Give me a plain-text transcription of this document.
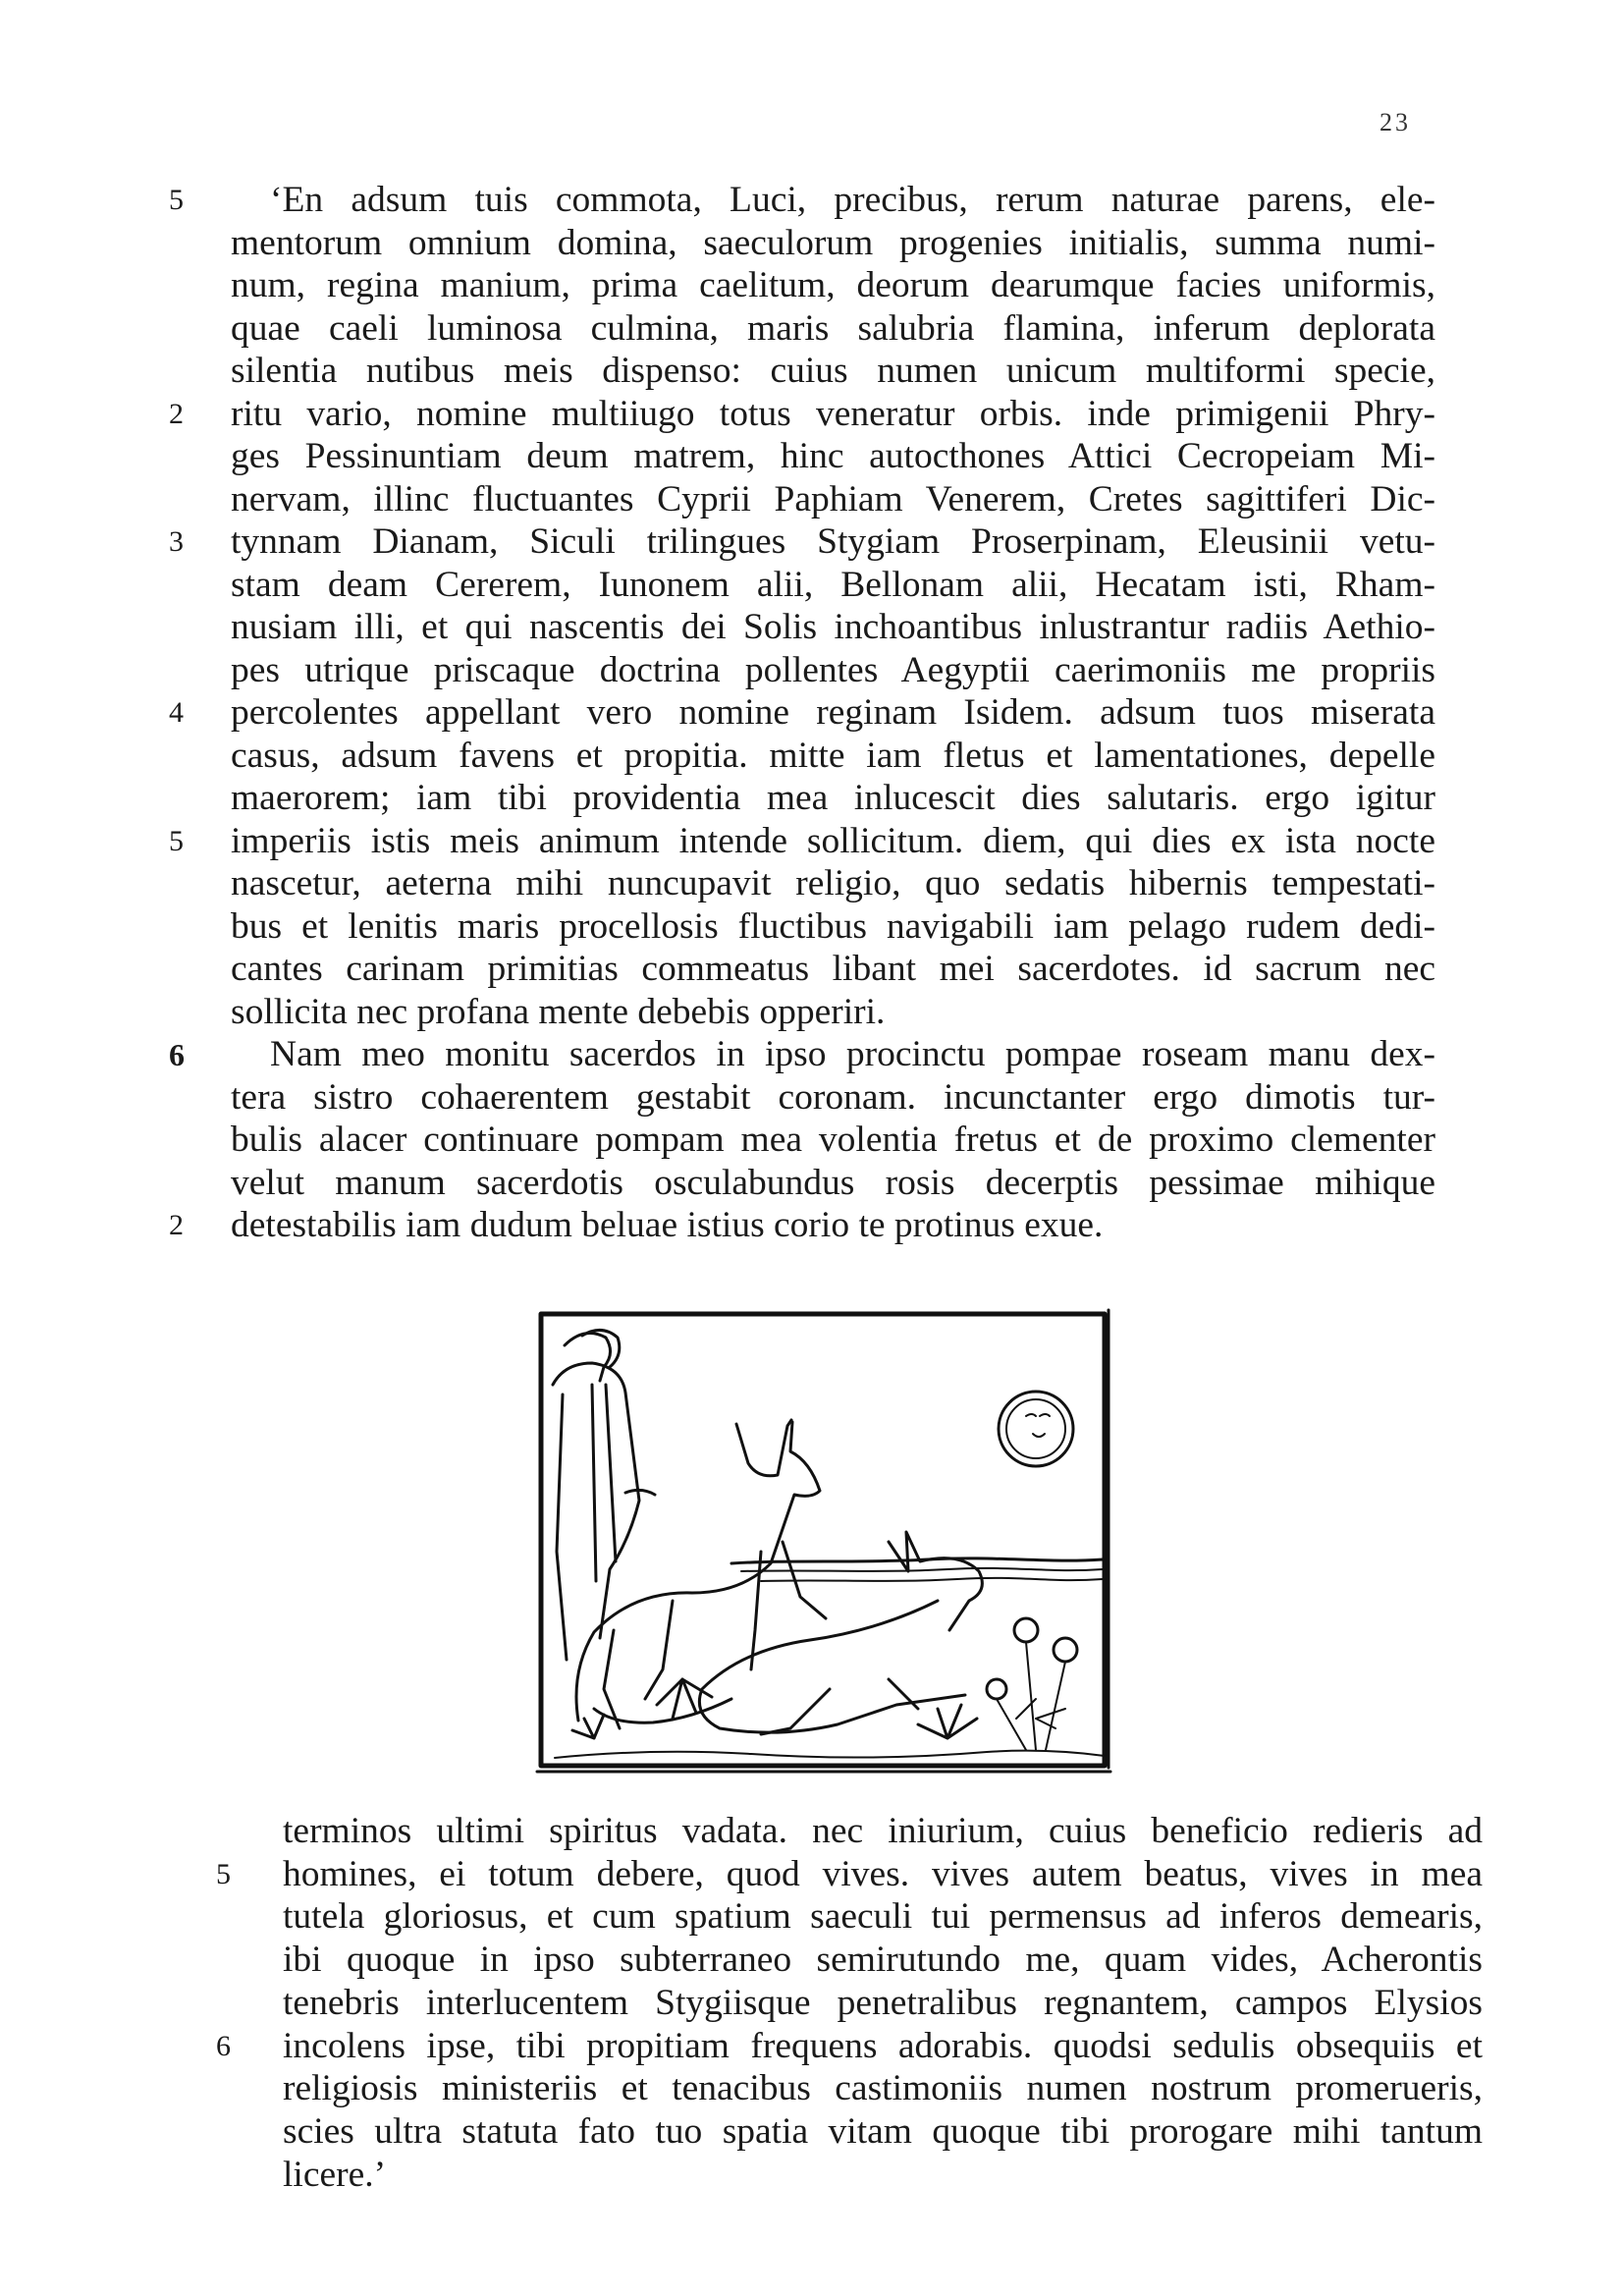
23
5 ‘En adsum tuis commota, Luci, precibus, rerum naturae parens, ele-
mentorum omnium domina, saeculorum progenies initialis, summa numi-
num, regina manium, prima caelitum, deorum dearumque facies uniformis,
quae caeli luminosa culmina, maris salubria flamina, inferum deplorata
silentia nutibus meis dispenso: cuius numen unicum multiformi specie,
2 ritu vario, nomine multiiugo totus veneratur orbis. inde primigenii Phry-
ges Pessinuntiam deum matrem, hinc autocthones Attici Cecropeiam Mi-
nervam, illinc fluctuantes Cyprii Paphiam Venerem, Cretes sagittiferi Dic-
3 tynnam Dianam, Siculi trilingues Stygiam Proserpinam, Eleusinii vetu-
stam deam Cererem, Iunonem alii, Bellonam alii, Hecatam isti, Rham-
nusiam illi, et qui nascentis dei Solis inchoantibus inlustrantur radiis Aethio-
pes utrique priscaque doctrina pollentes Aegyptii caerimoniis me propriis
4 percolentes appellant vero nomine reginam Isidem. adsum tuos miserata
casus, adsum favens et propitia. mitte iam fletus et lamentationes, depelle
maerorem; iam tibi providentia mea inlucescit dies salutaris. ergo igitur
5 imperiis istis meis animum intende sollicitum. diem, qui dies ex ista nocte
nascetur, aeterna mihi nuncupavit religio, quo sedatis hibernis tempestati-
bus et lenitis maris procellosis fluctibus navigabili iam pelago rudem dedi-
cantes carinam primitias commeatus libant mei sacerdotes. id sacrum nec
sollicita nec profana mente debebis opperiri.
6 Nam meo monitu sacerdos in ipso procinctu pompae roseam manu dex-
tera sistro cohaerentem gestabit coronam. incunctanter ergo dimotis tur-
bulis alacer continuare pompam mea volentia fretus et de proximo clementer
velut manum sacerdotis osculabundus rosis decerptis pessimae mihique
2 detestabilis iam dudum beluae istius corio te protinus exue.
terminos ultimi spiritus vadata. nec iniurium, cuius beneficio redieris ad
5 homines, ei totum debere, quod vives. vives autem beatus, vives in mea
tutela gloriosus, et cum spatium saeculi tui permensus ad inferos demearis,
ibi quoque in ipso subterraneo semirutundo me, quam vides, Acherontis
tenebris interlucentem Stygiisque penetralibus regnantem, campos Elysios
6 incolens ipse, tibi propitiam frequens adorabis. quodsi sedulis obsequiis et
religiosis ministeriis et tenacibus castimoniis numen nostrum promerueris,
scies ultra statuta fato tuo spatia vitam quoque tibi prorogare mihi tantum
licere.’
